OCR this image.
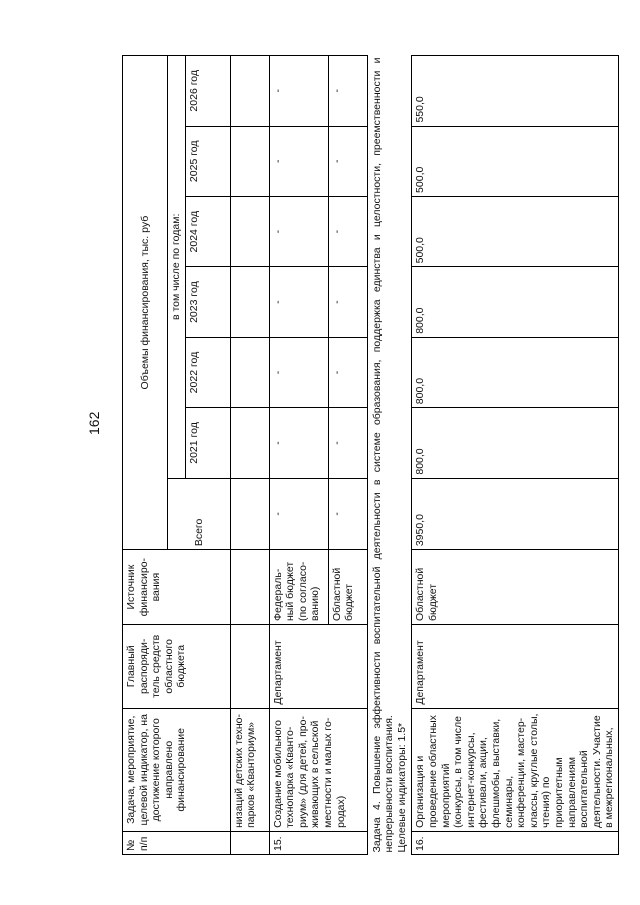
162
№ п/п	Задача, мероприятие, целевой индикатор, на достижение которого направлено финансирование	Главный распоряди-тель средств областного бюджета	Источник финансиро-вания	Объемы финансирования, тыс. руб						
				Всего	в том числе по годам:					
					2021 год	2022 год	2023 год	2024 год	2025 год	2026 год
	низаций детских техно-парков «Кванториум»									
15.	Создание мобильного технопарка «Кванто-риум» (для детей, про-живающих в сельской местности и малых го-родах)	Департамент	Федераль-ный бюджет (по согласо-ванию)	-	-	-	-	-	-	-
			Областной бюджет	-	-	-	-	-	-	-
Задача 4. Повышение эффективности воспитательной деятельности в системе образования, поддержка единства и целостности, преемственности и непрерывности воспитания.
Целевые индикаторы: 1.5*										
16.	Организация и проведение областных мероприятий (конкурсы, в том числе интернет-конкурсы, фестивали, акции, флешмобы, выставки, семинары, конференции, мастер-классы, круглые столы, чтения) по приоритетным направлениям воспитательной деятельности. Участие в межрегиональных,	Департамент	Областной бюджет	3950,0	800,0	800,0	800,0	500,0	500,0	550,0
